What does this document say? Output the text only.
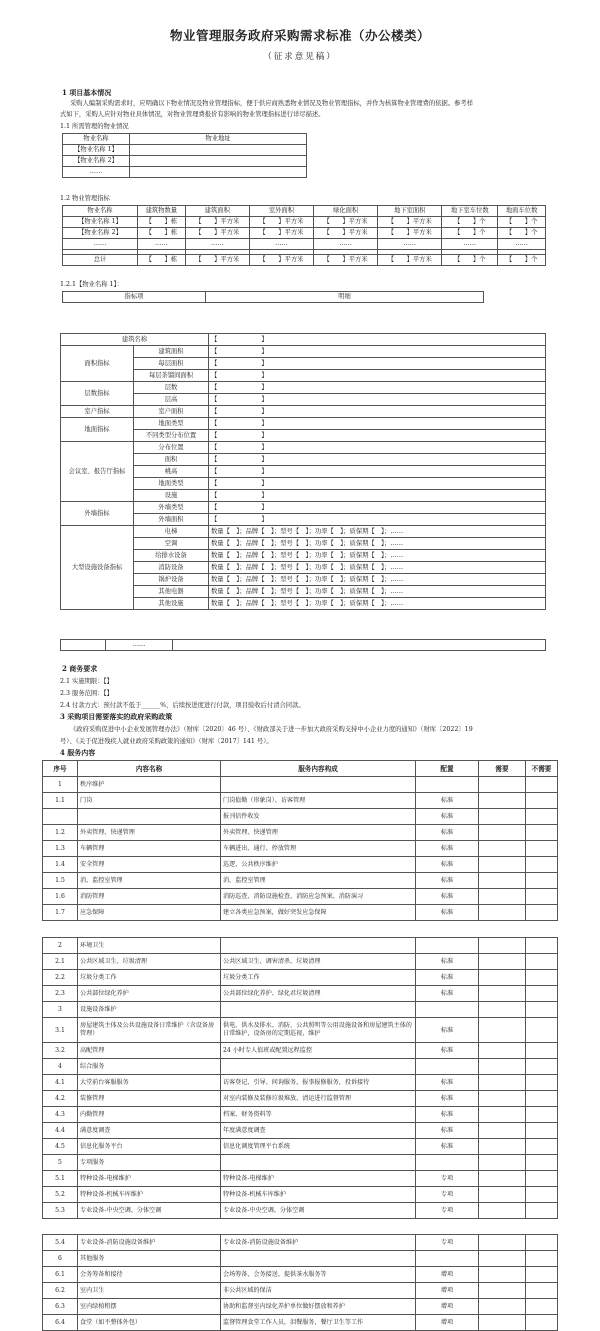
物业管理服务政府采购需求标准（办公楼类）
（征求意见稿）
1 项目基本情况
采购人编制采购需求时，应明确以下物业情况及物业管理指标，便于供应商熟悉物业情况及物业管理指标，并作为核算物业管理费的依据。参考样
式如下，采购人应针对物业具体情况，对物业管理费报价有影响的物业管理指标进行详尽描述。
1.1 所需管理的物业情况
物业名称	物业地址
【物业名称 1】	
【物业名称 2】	
……	
1.2 物业管理指标
物业名称	建筑物数量	建筑面积	室外面积	绿化面积	地下室面积	地下室车位数	地面车位数
【物业名称 1】	【　　】栋	【　　】平方米	【　　】平方米	【　　】平方米	【　　】平方米	【　　】个	【　　】个
【物业名称 2】	【　　】栋	【　　】平方米	【　　】平方米	【　　】平方米	【　　】平方米	【　　】个	【　　】个
……	……	……	……	……	……	……	……

总计	【　　】栋	【　　】平方米	【　　】平方米	【　　】平方米	【　　】平方米	【　　】个	【　　】个
1.2.1【物业名称 1】：
指标项	明细
建筑名称		【　　　　　　　】
面积指标	建筑面积	【　　　　　　　】
	每层面积	【　　　　　　　】
	每层茶馏间面积	【　　　　　　　】
层数指标	层数	【　　　　　　　】
	层高	【　　　　　　　】
室户指标	室户面积	【　　　　　　　】
地面指标	地面类型	【　　　　　　　】
	不同类型分布位置	【　　　　　　　】
会议室、报告厅指标	分布位置	【　　　　　　　】
	面积	【　　　　　　　】
	桃高	【　　　　　　　】
	地面类型	【　　　　　　　】
	设施	【　　　　　　　】
外墙指标	外墙类型	【　　　　　　　】
	外墙面积	【　　　　　　　】
大型设施设备指标	电梯	数量【　】；品牌【　】；型号【　】；功率【　】；质保期【　】；……
	空调	数量【　】；品牌【　】；型号【　】；功率【　】；质保期【　】；……
	给排水设备	数量【　】；品牌【　】；型号【　】；功率【　】；质保期【　】；……
	消防设备	数量【　】；品牌【　】；型号【　】；功率【　】；质保期【　】；……
	锅炉设备	数量【　】；品牌【　】；型号【　】；功率【　】；质保期【　】；……
	其他电器	数量【　】；品牌【　】；型号【　】；功率【　】；质保期【　】；……
	其他设施	数量【　】；品牌【　】；型号【　】；功率【　】；质保期【　】；……
	……	
2 商务要求
2.1 实施期限：【】
2.3 服务范围：【】
2.4 付款方式：预付款不低于______%，后续按进度进行付款，项目验收后付清合同款。
3 采购项目需要落实的政府采购政策
《政府采购促进中小企业发展管理办法》（财库〔2020〕46 号）、《财政部关于进一步加大政府采购支持中小企业力度的通知》（财库〔2022〕19
号）、《关于促进残疾人就业政府采购政策的通知》（财库〔2017〕141 号）。
4 服务内容
序号	内容名称	服务内容构成	配置	需要	不需要
1	秩序维护				
1.1	门岗	门岗值勤（形象岗）、访客管理	标准		
		报刊信件收发	标准		
1.2	外卖管理、快递管理	外卖管理、快递管理	标准		
1.3	车辆管理	车辆进出、通行、停放管理	标准		
1.4	安全管理	巡逻、公共秩序维护	标准		
1.5	消、监控室管理	消、监控室管理	标准		
1.6	消防管理	消防巡查、消防设施检查、消防应急预案、消防演习	标准		
1.7	应急保障	建立各类应急预案，做好突发应急保障	标准		
2	环境卫生				
2.1	公共区域卫生、垃圾清理	公共区域卫生、调害清杀、垃圾清理	标准		
2.2	垃圾分类工作	垃圾分类工作	标准		
2.3	公共部位绿化养护	公共部位绿化养护、绿化君垃圾清理	标准		
3	设施设备维护				
3.1	房屋建筑主体及公共设施设备日常维护（含设备房管理）	供电、供水及排水、消防、公共照明等公用设施设备和房屋建筑主体的日常维护，设备房的定期巡视，维护	标准		
3.2	高配管理	24 小时专人值班或配置远程监控	标准		
4	综合服务				
4.1	大堂前台客服服务	访客登记、引导、问询服务，报事报修服务，投诉接待	标准		
4.2	装修管理	对室内装修及装修垃圾堆放、清运进行监督管理	标准		
4.3	内勤管理	档案、财务资料等	标准		
4.4	满意度调查	年度满意度调查	标准		
4.5	信息化服务平台	信息化调度管理平台系统	标准		
5	专项服务				
5.1	特种设备-电梯维护	特种设备-电梯维护	专项		
5.2	特种设备-机械车库维护	特种设备-机械车库维护	专项		
5.3	专业设备-中央空调、分体空调	专业设备-中央空调、分体空调	专项		
5.4	专业设备-消防设施设备维护	专业设备-消防设施设备维护	专项		
6	其他服务				
6.1	会务筹备和接待	会场筹备、会务接送、提供茶水服务等	增项		
6.2	室内卫生	非公共区域的保洁	增项		
6.3	室内绿植租摆	协助和监督室内绿化养护单位做好摆放和养护	增项		
6.4	食堂（如不整体外包）	监督管理食堂工作人员，泪餐服务，餐厅卫生等工作	增项		
